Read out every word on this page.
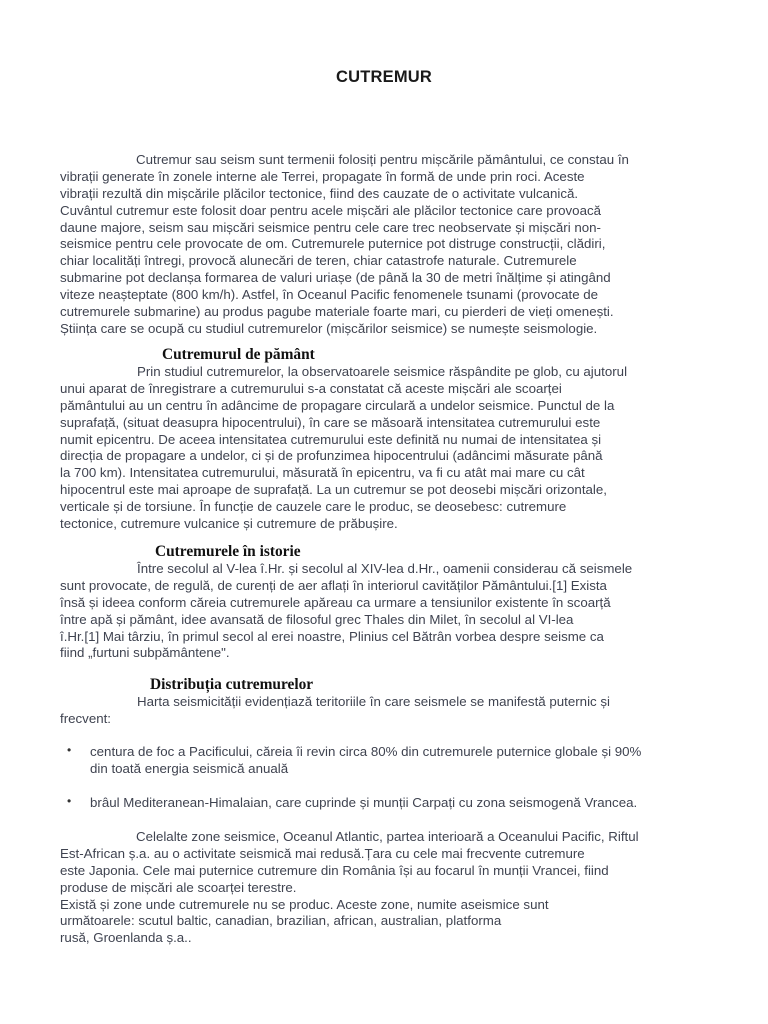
CUTREMUR
Cutremur sau seism sunt termenii folosiți pentru mișcările pământului, ce constau în
vibrații generate în zonele interne ale Terrei, propagate în formă de unde prin roci. Aceste
vibrații rezultă din mișcările plăcilor tectonice, fiind des cauzate de o activitate vulcanică.
Cuvântul cutremur este folosit doar pentru acele mișcări ale plăcilor tectonice care provoacă
daune majore, seism sau mișcări seismice pentru cele care trec neobservate și mișcări non-
seismice pentru cele provocate de om. Cutremurele puternice pot distruge construcții, clădiri,
chiar localități întregi, provocă alunecări de teren, chiar catastrofe naturale. Cutremurele
submarine pot declanșa formarea de valuri uriașe (de până la 30 de metri înălțime și atingând
viteze neașteptate (800 km/h). Astfel, în Oceanul Pacific fenomenele tsunami (provocate de
cutremurele submarine) au produs pagube materiale foarte mari, cu pierderi de vieți omenești.
Știința care se ocupă cu studiul cutremurelor (mișcărilor seismice) se numește seismologie.
Cutremurul de pământ
Prin studiul cutremurelor, la observatoarele seismice răspândite pe glob, cu ajutorul
unui aparat de înregistrare a cutremurului s-a constatat că aceste mișcări ale scoarței
pământului au un centru în adâncime de propagare circulară a undelor seismice. Punctul de la
suprafață, (situat deasupra hipocentrului), în care se măsoară intensitatea cutremurului este
numit epicentru. De aceea intensitatea cutremurului este definită nu numai de intensitatea și
direcția de propagare a undelor, ci și de profunzimea hipocentrului (adâncimi măsurate până
la 700 km). Intensitatea cutremurului, măsurată în epicentru, va fi cu atât mai mare cu cât
hipocentrul este mai aproape de suprafață. La un cutremur se pot deosebi mișcări orizontale,
verticale și de torsiune. În funcție de cauzele care le produc, se deosebesc: cutremure
tectonice, cutremure vulcanice și cutremure de prăbușire.
Cutremurele în istorie
Între secolul al V-lea î.Hr. și secolul al XIV-lea d.Hr., oamenii considerau că seismele
sunt provocate, de regulă, de curenți de aer aflați în interiorul cavităților Pământului.[1] Exista
însă și ideea conform căreia cutremurele apăreau ca urmare a tensiunilor existente în scoarță
între apă și pământ, idee avansată de filosoful grec Thales din Milet, în secolul al VI-lea
î.Hr.[1] Mai târziu, în primul secol al erei noastre, Plinius cel Bătrân vorbea despre seisme ca
fiind „furtuni subpământene".
Distribuția cutremurelor
Harta seismicității evidențiază teritoriile în care seismele se manifestă puternic și
frecvent:
• centura de foc a Pacificului, căreia îi revin circa 80% din cutremurele puternice globale și 90%
din toată energia seismică anuală
• brâul Mediteranean-Himalaian, care cuprinde și munții Carpați cu zona seismogenă Vrancea.
Celelalte zone seismice, Oceanul Atlantic, partea interioară a Oceanului Pacific, Riftul
Est-African ș.a. au o activitate seismică mai redusă.Țara cu cele mai frecvente cutremure
este Japonia. Cele mai puternice cutremure din România își au focarul în munții Vrancei, fiind
produse de mișcări ale scoarței terestre.
Există și zone unde cutremurele nu se produc. Aceste zone, numite aseismice sunt
următoarele: scutul baltic, canadian, brazilian, african, australian, platforma
rusă, Groenlanda ș.a..
